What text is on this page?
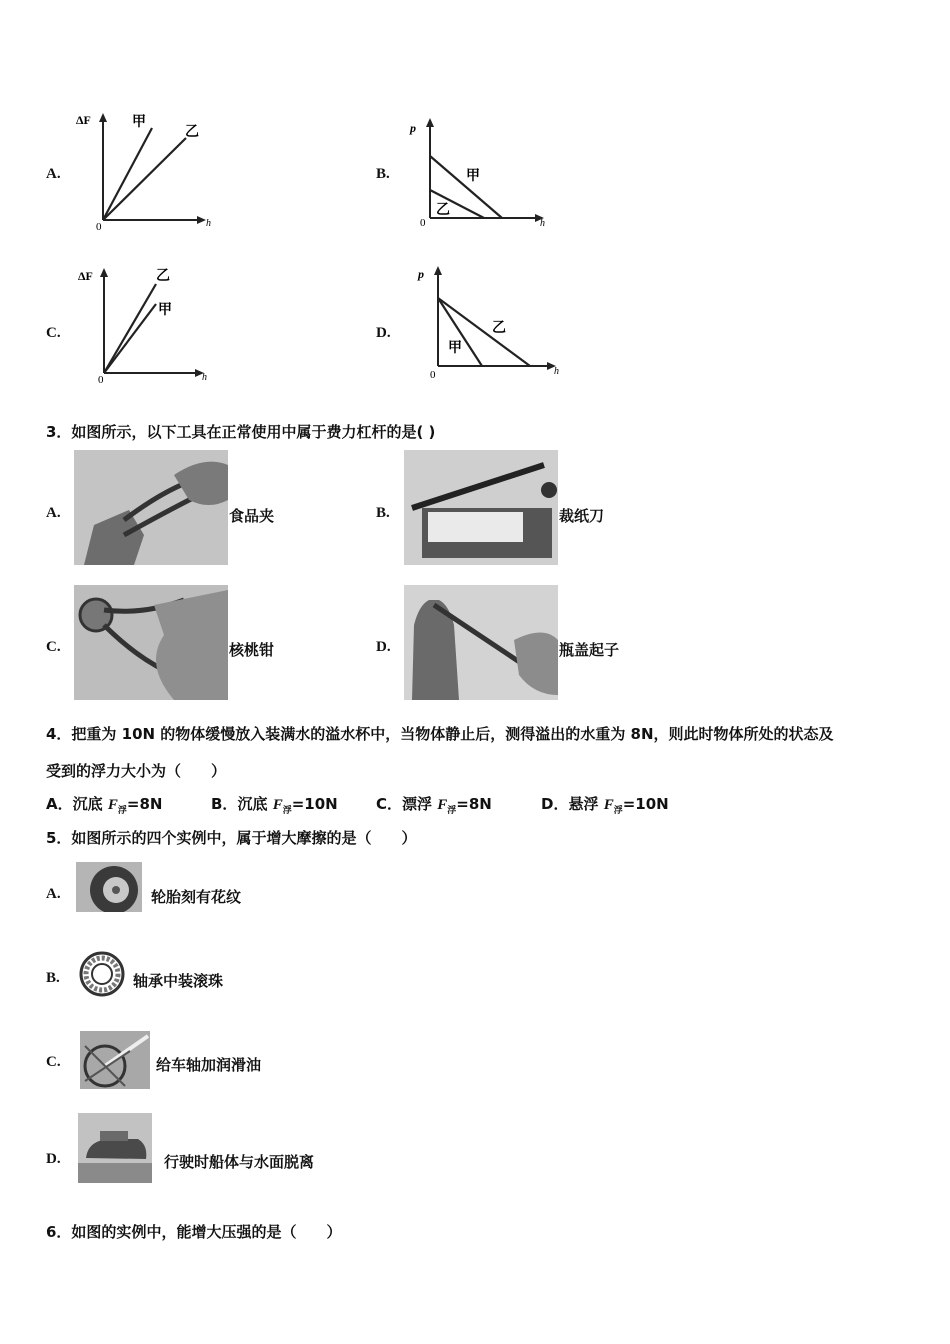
A.
ΔF
h
0
甲
乙
B.
p
h
0
甲
乙
C.
ΔF
h
0
乙
甲
D.
p
h
0
乙
甲
3．如图所示，以下工具在正常使用中属于费力杠杆的是( )
A.	食品夹	B.	裁纸刀
C.	核桃钳	D.	瓶盖起子
4．把重为 10N 的物体缓慢放入装满水的溢水杯中，当物体静止后，测得溢出的水重为 8N，则此时物体所处的状态及
受到的浮力大小为（　　）
A．沉底 $F_浮=8N$	B．沉底 $F_浮=10N$	C．漂浮 $F_浮=8N$	D．悬浮 $F_浮=10N$
5．如图所示的四个实例中，属于增大摩擦的是（　　）
A.	轮胎刻有花纹
B.	轴承中装滚珠
C.	给车轴加润滑油
D.	行驶时船体与水面脱离
6．如图的实例中，能增大压强的是（　　）
